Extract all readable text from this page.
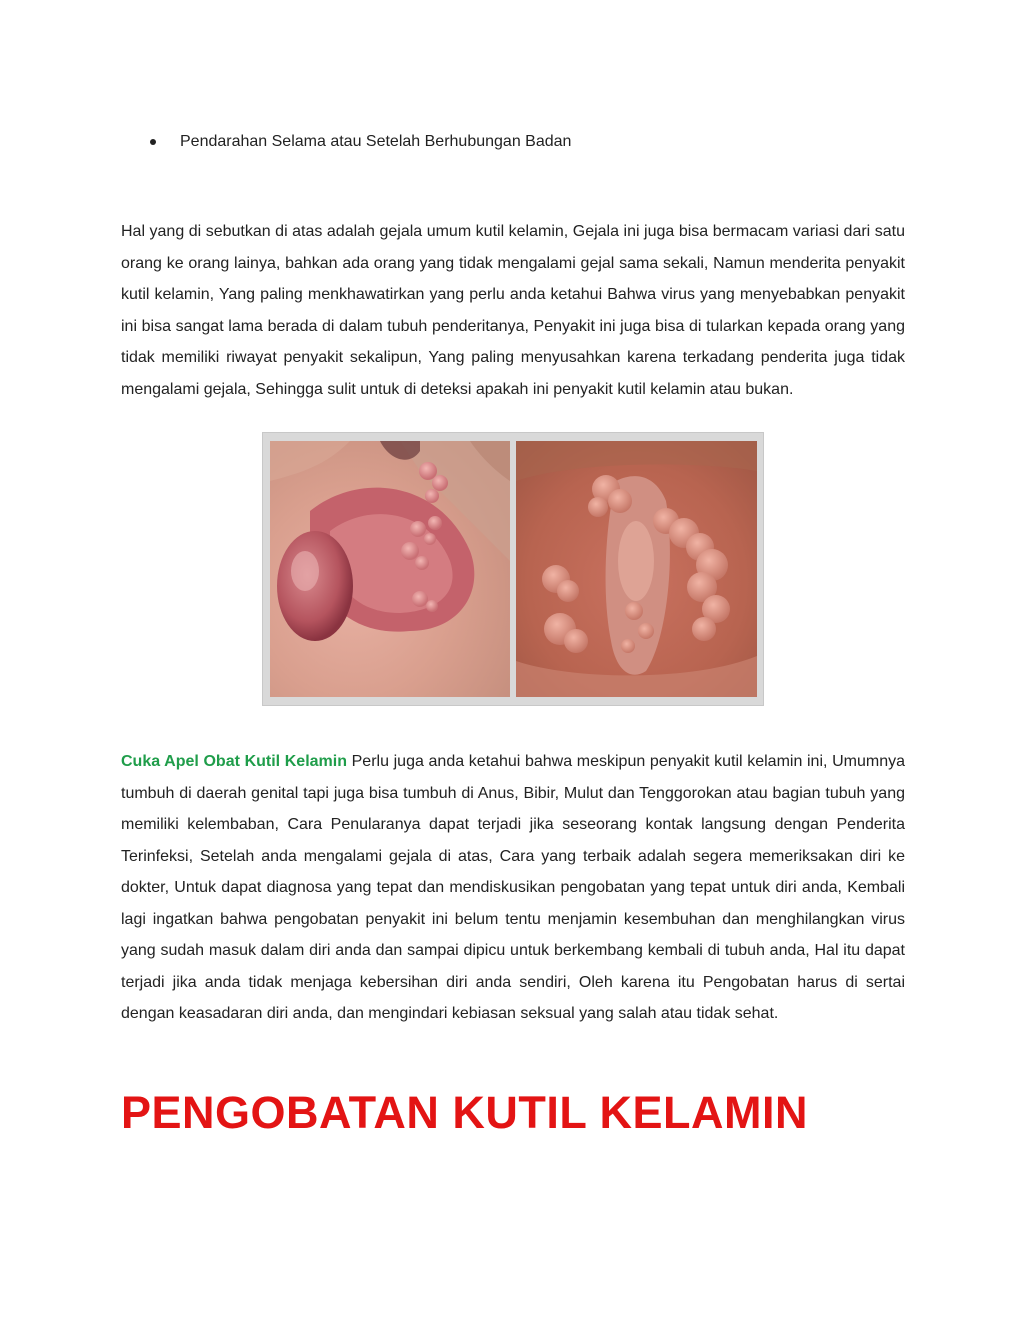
Pendarahan Selama atau Setelah Berhubungan Badan

Hal yang di sebutkan di atas adalah gejala umum kutil kelamin, Gejala ini juga bisa bermacam variasi dari satu orang ke orang lainya, bahkan ada orang yang tidak mengalami gejal sama sekali, Namun menderita penyakit kutil kelamin, Yang paling menkhawatirkan yang perlu anda ketahui Bahwa virus yang menyebabkan penyakit ini bisa sangat lama berada di dalam tubuh penderitanya, Penyakit ini juga bisa di tularkan kepada orang yang tidak memiliki riwayat penyakit sekalipun, Yang paling menyusahkan karena terkadang penderita juga tidak mengalami gejala, Sehingga sulit untuk di deteksi apakah ini penyakit kutil kelamin atau bukan.

Cuka Apel Obat Kutil Kelamin Perlu juga anda ketahui bahwa meskipun penyakit kutil kelamin ini, Umumnya tumbuh di daerah genital tapi juga bisa tumbuh di Anus, Bibir, Mulut dan Tenggorokan atau bagian tubuh yang memiliki kelembaban, Cara Penularanya dapat terjadi jika seseorang kontak langsung dengan Penderita Terinfeksi, Setelah anda mengalami gejala di atas, Cara yang terbaik adalah segera memeriksakan diri ke dokter, Untuk dapat diagnosa yang tepat dan mendiskusikan pengobatan yang tepat untuk diri anda, Kembali lagi ingatkan bahwa pengobatan penyakit ini belum tentu menjamin kesembuhan dan menghilangkan virus yang sudah masuk dalam diri anda dan sampai dipicu untuk berkembang kembali di tubuh anda, Hal itu dapat terjadi jika anda tidak menjaga kebersihan diri anda sendiri, Oleh karena itu Pengobatan harus di sertai dengan keasadaran diri anda, dan mengindari kebiasan seksual yang salah atau tidak sehat.

PENGOBATAN KUTIL KELAMIN
